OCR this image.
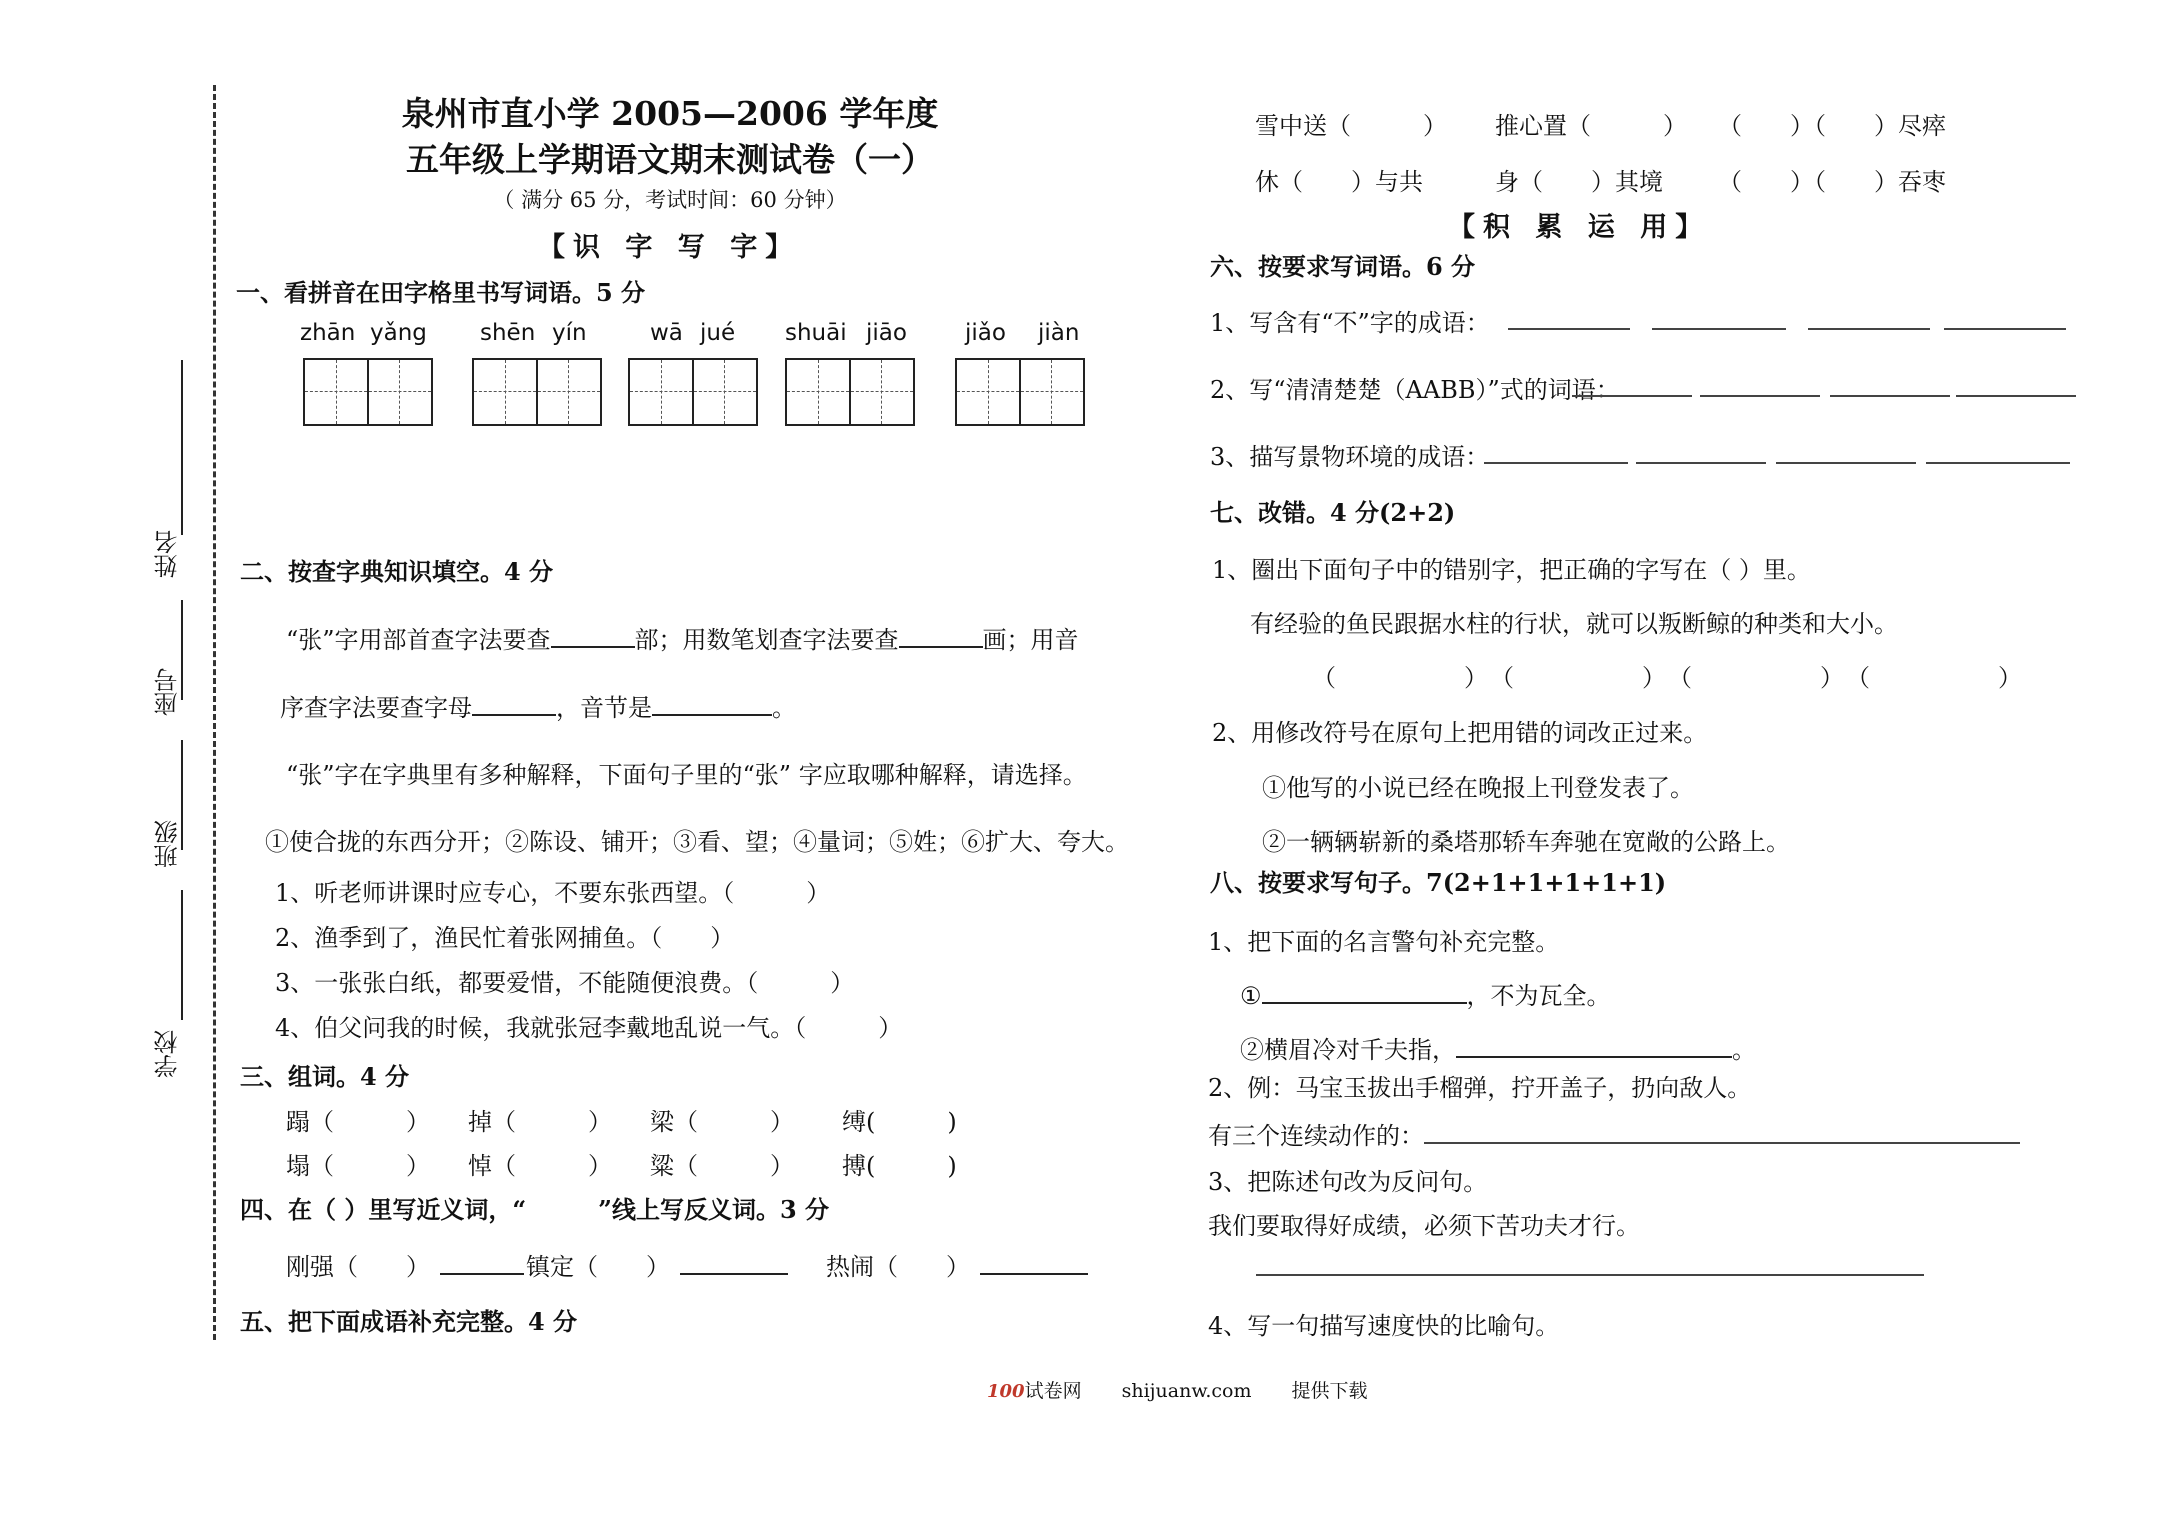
姓名
座号
班级
学校
泉州市直小学 2005—2006 学年度
五年级上学期语文期末测试卷（一）
（ 满分 65 分，考试时间：60 分钟）
【识 字 写 字】
一、看拼音在田字格里书写词语。5 分
zhān yǎng shēn yín	wā jué shuāi jiāo	jiǎo jiàn
二、按查字典知识填空。4 分
“张”字用部首查字法要查	部；用数笔划查字法要查	画；用音
序查字法要查字母	，音节是	。
“张”字在字典里有多种解释，下面句子里的“张” 字应取哪种解释，请选择。
①使合拢的东西分开；②陈设、铺开；③看、望；④量词；⑤姓；⑥扩大、夸大。
1、听老师讲课时应专心，不要东张西望。（　　　）
2、渔季到了，渔民忙着张网捕鱼。（　　）
3、一张张白纸，都要爱惜，不能随便浪费。（　　　）
4、伯父问我的时候，我就张冠李戴地乱说一气。（　　　）
三、组词。4 分
蹋（　　　） 掉（　　　） 梁（　　　） 缚(　　　)
塌（　　　） 悼（　　　） 粱（　　　） 搏(　　　)
四、在（ ）里写近义词，“　　　”线上写反义词。3 分
刚强（　　）	镇定（　　）	热闹（　　）
五、把下面成语补充完整。4 分
雪中送（　　　） 推心置（　　　） （　　）（　　）尽瘁
休（　　）与共	身（　　）其境 （　　）（　　）吞枣
【积 累 运 用】
六、按要求写词语。6 分
1、写含有“不”字的成语：
2、写“清清楚楚（AABB）”式的词语：
3、描写景物环境的成语：
七、改错。4 分(2+2)
1、圈出下面句子中的错别字，把正确的字写在（ ）里。
有经验的鱼民跟据水柱的行状，就可以叛断鲸的种类和大小。
（　　　）（　　　）（　　　）（　　　）
2、用修改符号在原句上把用错的词改正过来。
①他写的小说已经在晚报上刊登发表了。
②一辆辆崭新的桑塔那轿车奔驰在宽敞的公路上。
八、按要求写句子。7(2+1+1+1+1+1)
1、把下面的名言警句补充完整。
①	，不为瓦全。
②横眉冷对千夫指，	。
2、例：马宝玉拔出手榴弹，拧开盖子，扔向敌人。
有三个连续动作的：
3、把陈述句改为反问句。
我们要取得好成绩，必须下苦功夫才行。
4、写一句描写速度快的比喻句。
100试卷网 shijuanw.com 提供下载
